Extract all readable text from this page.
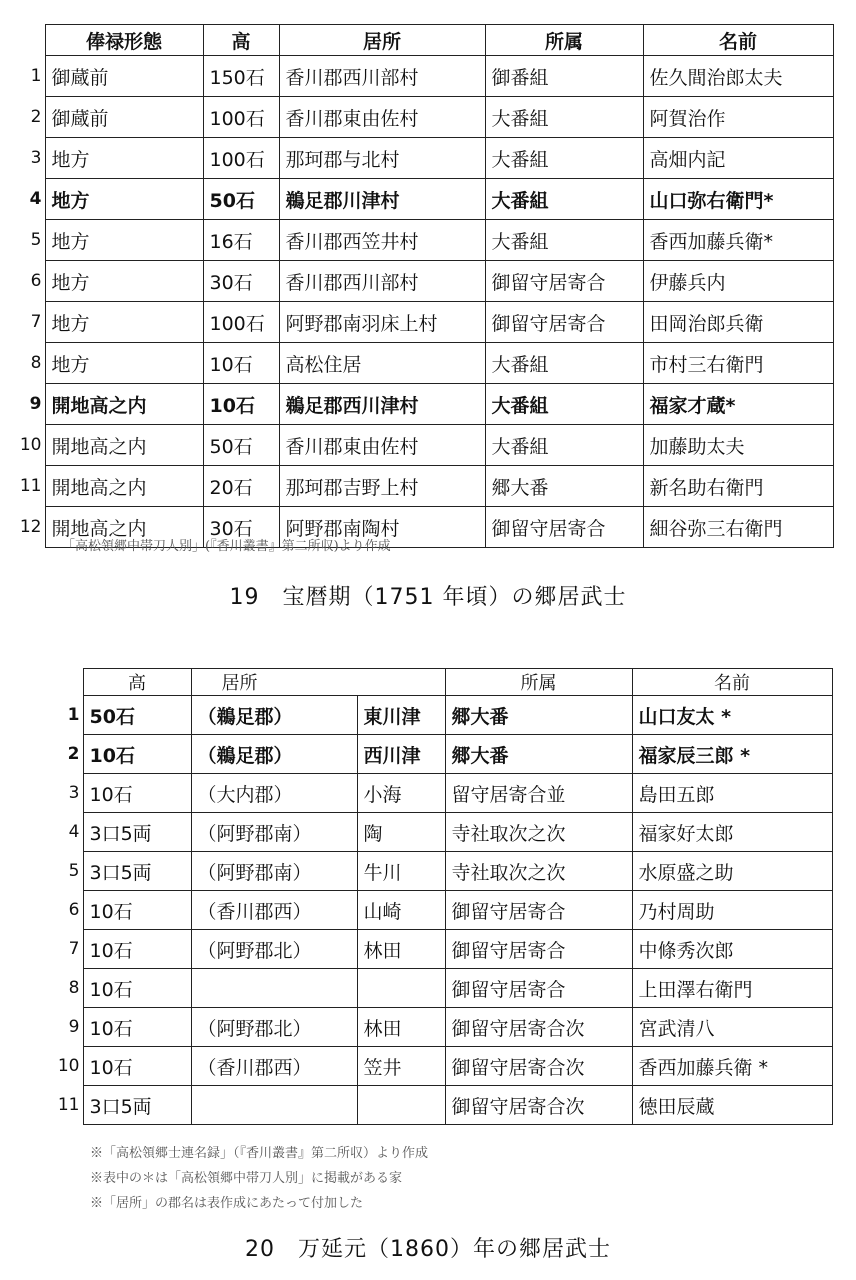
	俸禄形態	高	居所	所属	名前
1	御蔵前	150石	香川郡西川部村	御番組	佐久間治郎太夫
2	御蔵前	100石	香川郡東由佐村	大番組	阿賀治作
3	地方	100石	那珂郡与北村	大番組	高畑内記
4	地方	50石	鵜足郡川津村	大番組	山口弥右衛門*
5	地方	16石	香川郡西笠井村	大番組	香西加藤兵衛*
6	地方	30石	香川郡西川部村	御留守居寄合	伊藤兵内
7	地方	100石	阿野郡南羽床上村	御留守居寄合	田岡治郎兵衛
8	地方	10石	高松住居	大番組	市村三右衛門
9	開地高之内	10石	鵜足郡西川津村	大番組	福家才蔵*
10	開地高之内	50石	香川郡東由佐村	大番組	加藤助太夫
11	開地高之内	20石	那珂郡吉野上村	郷大番	新名助右衛門
12	開地高之内	30石	阿野郡南陶村	御留守居寄合	細谷弥三右衛門
「高松領郷中帯刀人別」(『香川叢書』第二所収)より作成
19　宝暦期（1751 年頃）の郷居武士
	高	居所		所属	名前
1	50石	（鵜足郡）	東川津	郷大番	山口友太 *
2	10石	（鵜足郡）	西川津	郷大番	福家辰三郎 *
3	10石	（大内郡）	小海	留守居寄合並	島田五郎
4	3口5両	（阿野郡南）	陶	寺社取次之次	福家好太郎
5	3口5両	（阿野郡南）	牛川	寺社取次之次	水原盛之助
6	10石	（香川郡西）	山崎	御留守居寄合	乃村周助
7	10石	（阿野郡北）	林田	御留守居寄合	中條秀次郎
8	10石			御留守居寄合	上田澤右衛門
9	10石	（阿野郡北）	林田	御留守居寄合次	宮武清八
10	10石	（香川郡西）	笠井	御留守居寄合次	香西加藤兵衛 *
11	3口5両			御留守居寄合次	徳田辰蔵
※「高松領郷士連名録」（『香川叢書』第二所収）より作成
※表中の＊は「高松領郷中帯刀人別」に掲載がある家
※「居所」の郡名は表作成にあたって付加した
20　万延元（1860）年の郷居武士
